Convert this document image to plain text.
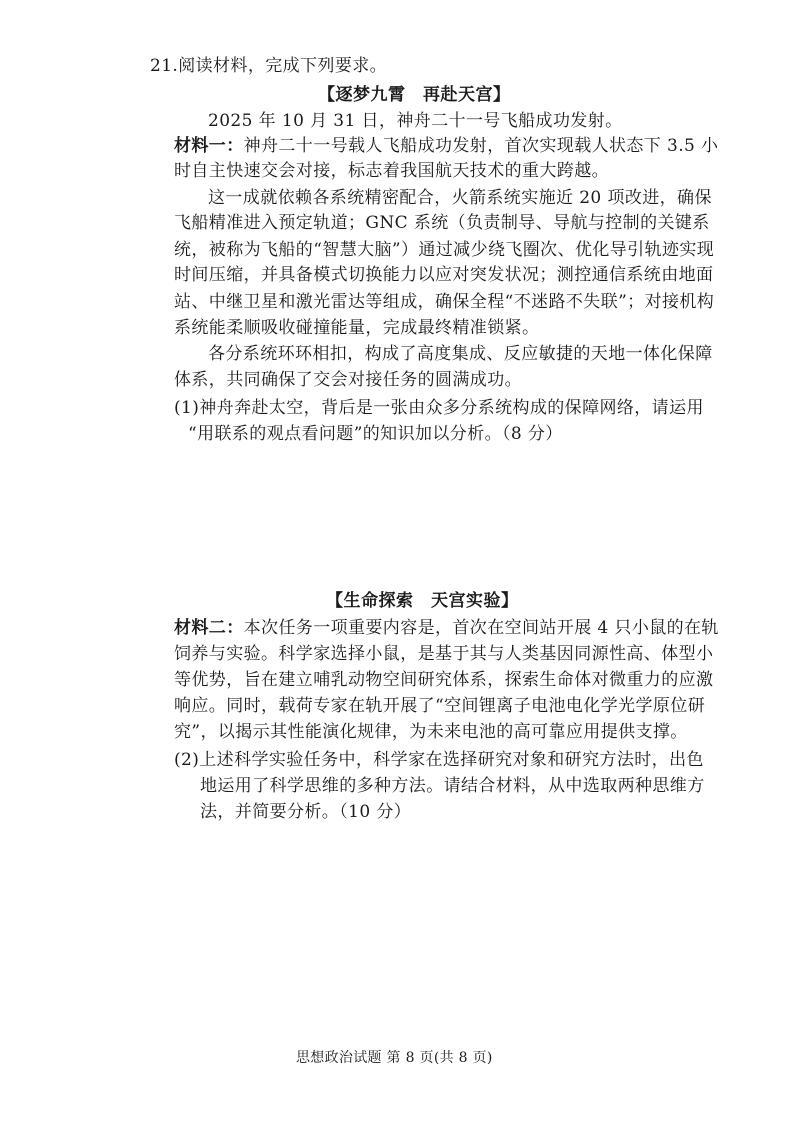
21.阅读材料，完成下列要求。
【逐梦九霄　再赴天宫】
2025 年 10 月 31 日，神舟二十一号飞船成功发射。
材料一：神舟二十一号载人飞船成功发射，首次实现载人状态下 3.5 小
时自主快速交会对接，标志着我国航天技术的重大跨越。
这一成就依赖各系统精密配合，火箭系统实施近 20 项改进，确保
飞船精准进入预定轨道；GNC 系统（负责制导、导航与控制的关键系
统，被称为飞船的“智慧大脑”）通过减少绕飞圈次、优化导引轨迹实现
时间压缩，并具备模式切换能力以应对突发状况；测控通信系统由地面
站、中继卫星和激光雷达等组成，确保全程“不迷路不失联”；对接机构
系统能柔顺吸收碰撞能量，完成最终精准锁紧。
各分系统环环相扣，构成了高度集成、反应敏捷的天地一体化保障
体系，共同确保了交会对接任务的圆满成功。
(1)神舟奔赴太空，背后是一张由众多分系统构成的保障网络，请运用
“用联系的观点看问题”的知识加以分析。（8 分）
【生命探索　天宫实验】
材料二：本次任务一项重要内容是，首次在空间站开展 4 只小鼠的在轨
饲养与实验。科学家选择小鼠，是基于其与人类基因同源性高、体型小
等优势，旨在建立哺乳动物空间研究体系，探索生命体对微重力的应激
响应。同时，载荷专家在轨开展了“空间锂离子电池电化学光学原位研
究”，以揭示其性能演化规律，为未来电池的高可靠应用提供支撑。
(2)上述科学实验任务中，科学家在选择研究对象和研究方法时，出色
地运用了科学思维的多种方法。请结合材料，从中选取两种思维方
法，并简要分析。（10 分）
思想政治试题 第 8 页(共 8 页)
